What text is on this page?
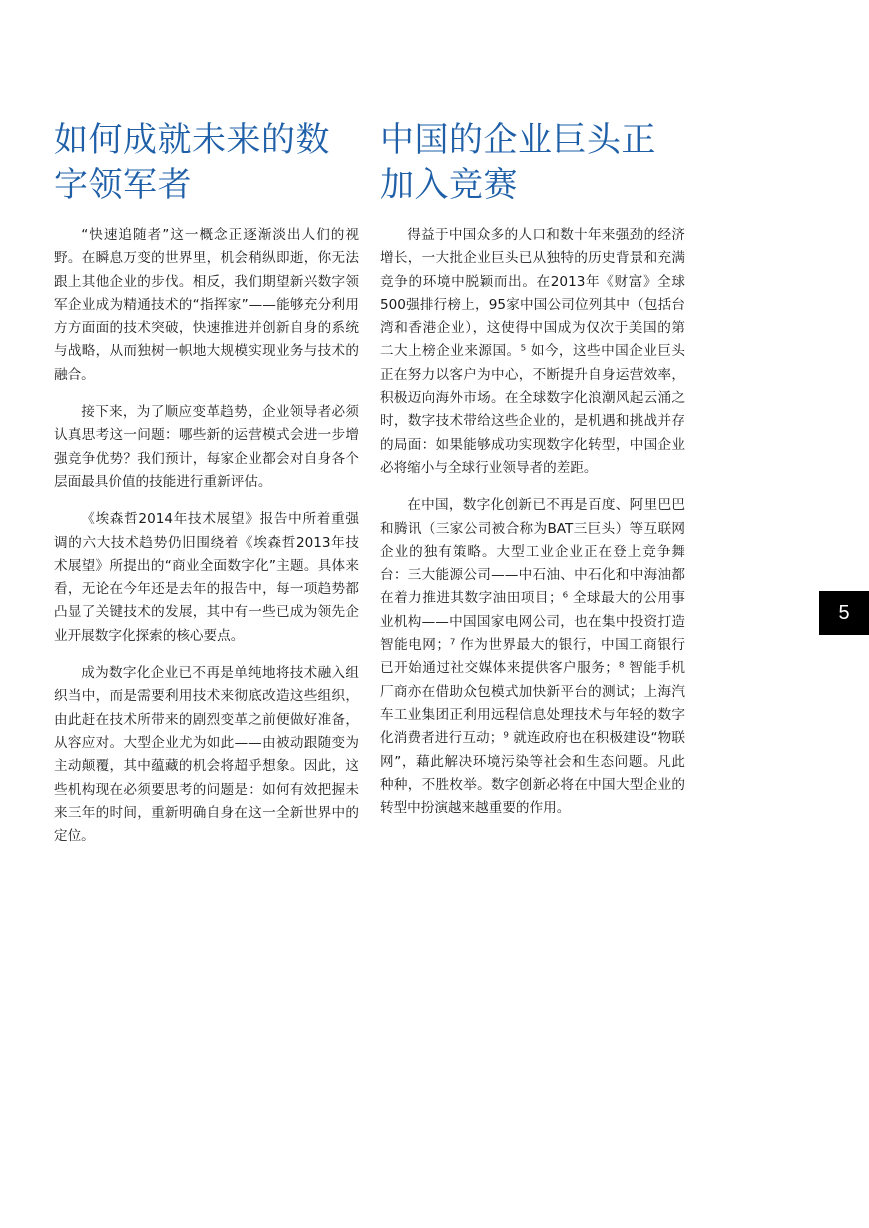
如何成就未来的数字领军者

“快速追随者”这一概念正逐渐淡出人们的视野。在瞬息万变的世界里，机会稍纵即逝，你无法跟上其他企业的步伐。相反，我们期望新兴数字领军企业成为精通技术的“指挥家”——能够充分利用方方面面的技术突破，快速推进并创新自身的系统与战略，从而独树一帜地大规模实现业务与技术的融合。

接下来，为了顺应变革趋势，企业领导者必须认真思考这一问题：哪些新的运营模式会进一步增强竞争优势？我们预计，每家企业都会对自身各个层面最具价值的技能进行重新评估。

《埃森哲2014年技术展望》报告中所着重强调的六大技术趋势仍旧围绕着《埃森哲2013年技术展望》所提出的“商业全面数字化”主题。具体来看，无论在今年还是去年的报告中，每一项趋势都凸显了关键技术的发展，其中有一些已成为领先企业开展数字化探索的核心要点。

成为数字化企业已不再是单纯地将技术融入组织当中，而是需要利用技术来彻底改造这些组织，由此赶在技术所带来的剧烈变革之前便做好准备，从容应对。大型企业尤为如此——由被动跟随变为主动颠覆，其中蕴藏的机会将超乎想象。因此，这些机构现在必须要思考的问题是：如何有效把握未来三年的时间，重新明确自身在这一全新世界中的定位。

中国的企业巨头正加入竞赛

得益于中国众多的人口和数十年来强劲的经济增长，一大批企业巨头已从独特的历史背景和充满竞争的环境中脱颖而出。在2013年《财富》全球500强排行榜上，95家中国公司位列其中（包括台湾和香港企业），这使得中国成为仅次于美国的第二大上榜企业来源国。⁵ 如今，这些中国企业巨头正在努力以客户为中心，不断提升自身运营效率，积极迈向海外市场。在全球数字化浪潮风起云涌之时，数字技术带给这些企业的，是机遇和挑战并存的局面：如果能够成功实现数字化转型，中国企业必将缩小与全球行业领导者的差距。

在中国，数字化创新已不再是百度、阿里巴巴和腾讯（三家公司被合称为BAT三巨头）等互联网企业的独有策略。大型工业企业正在登上竞争舞台：三大能源公司——中石油、中石化和中海油都在着力推进其数字油田项目；⁶ 全球最大的公用事业机构——中国国家电网公司，也在集中投资打造智能电网；⁷ 作为世界最大的银行，中国工商银行已开始通过社交媒体来提供客户服务；⁸ 智能手机厂商亦在借助众包模式加快新平台的测试；上海汽车工业集团正利用远程信息处理技术与年轻的数字化消费者进行互动；⁹ 就连政府也在积极建设“物联网”，藉此解决环境污染等社会和生态问题。凡此种种，不胜枚举。数字创新必将在中国大型企业的转型中扮演越来越重要的作用。

5
